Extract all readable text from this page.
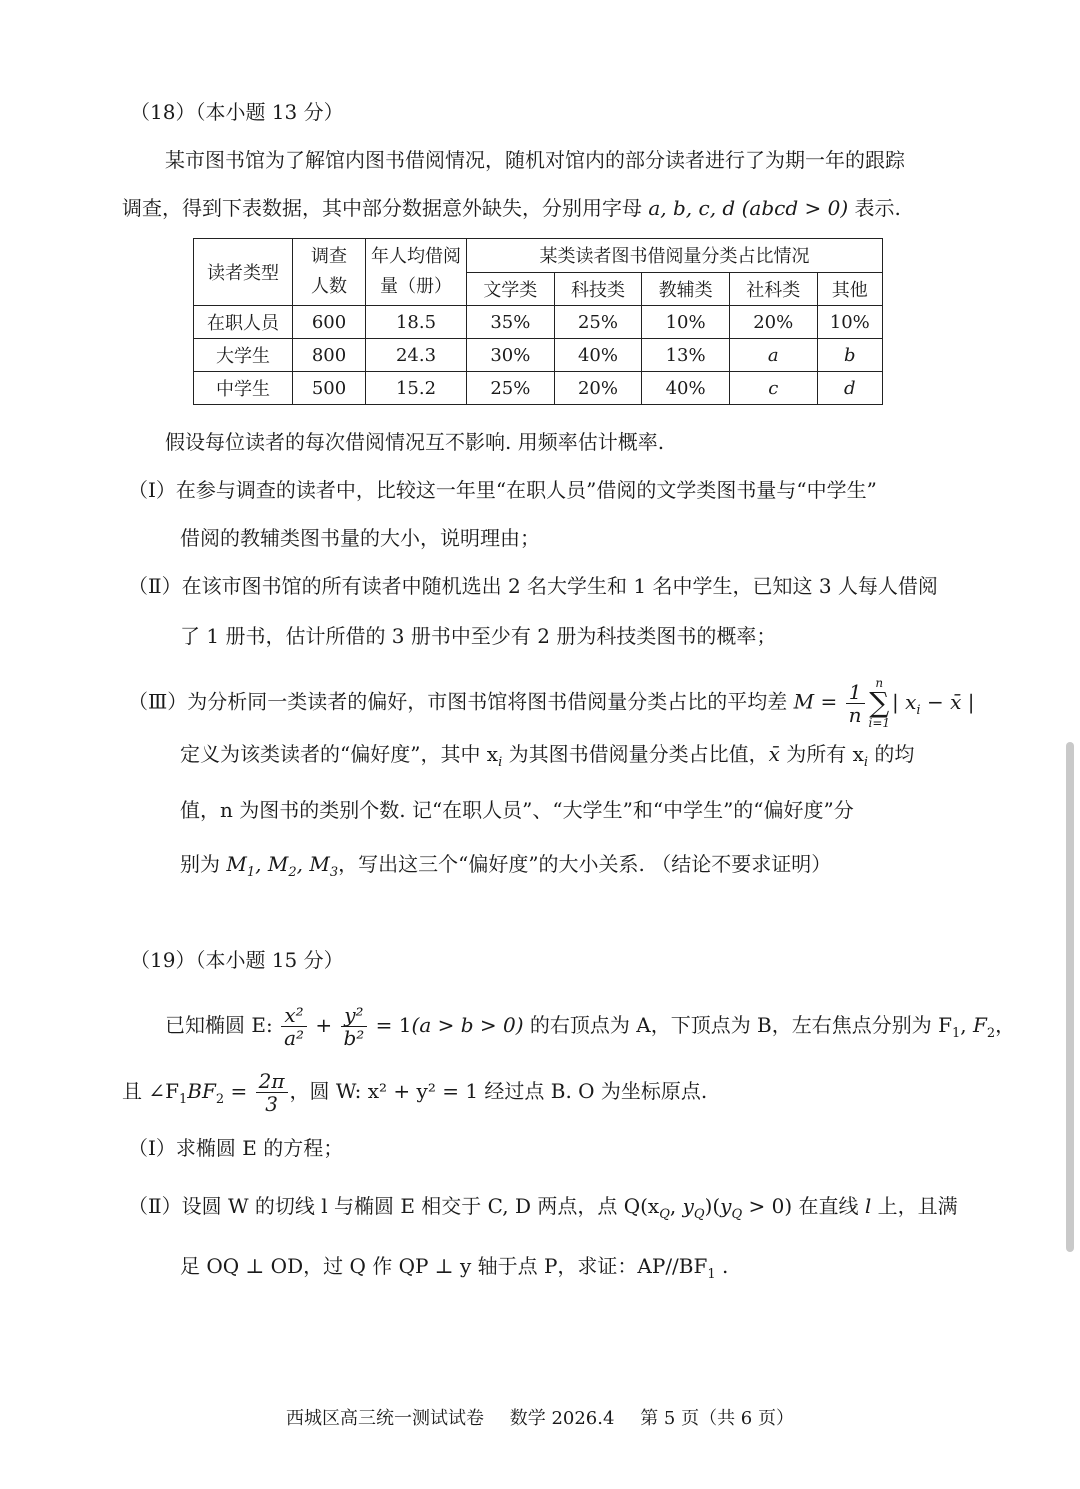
（18）（本小题 13 分）
某市图书馆为了解馆内图书借阅情况，随机对馆内的部分读者进行了为期一年的跟踪
调查，得到下表数据，其中部分数据意外缺失，分别用字母 a, b, c, d (abcd > 0) 表示.
读者类型	调查人数	年人均借阅量（册）	某类读者图书借阅量分类占比情况				
			文学类	科技类	教辅类	社科类	其他
在职人员	600	18.5	35%	25%	10%	20%	10%
大学生	800	24.3	30%	40%	13%	a	b
中学生	500	15.2	25%	20%	40%	c	d
假设每位读者的每次借阅情况互不影响. 用频率估计概率.
（Ⅰ）在参与调查的读者中，比较这一年里“在职人员”借阅的文学类图书量与“中学生”
借阅的教辅类图书量的大小，说明理由；
（Ⅱ）在该市图书馆的所有读者中随机选出 2 名大学生和 1 名中学生，已知这 3 人每人借阅
了 1 册书，估计所借的 3 册书中至少有 2 册为科技类图书的概率；
（Ⅲ）为分析同一类读者的偏好，市图书馆将图书借阅量分类占比的平均差 $M = \frac{1}{n}$ n
∑
i=1
| $x_i$ − x̄ |
定义为该类读者的“偏好度”，其中 $x_i$ 为其图书借阅量分类占比值，x̄ 为所有 $x_i$ 的均
值，n 为图书的类别个数. 记“在职人员”、“大学生”和“中学生”的“偏好度”分
别为 $M_1$, $M_2$, $M_3$，写出这三个“偏好度”的大小关系. （结论不要求证明）
（19）（本小题 15 分）
已知椭圆 E: $\frac{\text{x²}}{\text{a²}} + \frac{\text{y²}}{\text{b²}} = 1(a > b > 0)$ 的右顶点为 A，下顶点为 B，左右焦点分别为 $F_1$, $F_2$，
且 $\angle F_1BF_2 = \frac{2\pi}{3}$ ，圆 W: x² + y² = 1 经过点 B. O 为坐标原点.
（Ⅰ）求椭圆 E 的方程；
（Ⅱ）设圆 W 的切线 l 与椭圆 E 相交于 C, D 两点，点 $Q(x_Q$, $y_Q)(y_Q > 0)$ 在直线 l 上，且满
足 OQ ⊥ OD，过 Q 作 QP ⊥ y 轴于点 P，求证：$AP//BF_1$ .
西城区高三统一测试试卷 数学 2026.4 第 5 页（共 6 页）
